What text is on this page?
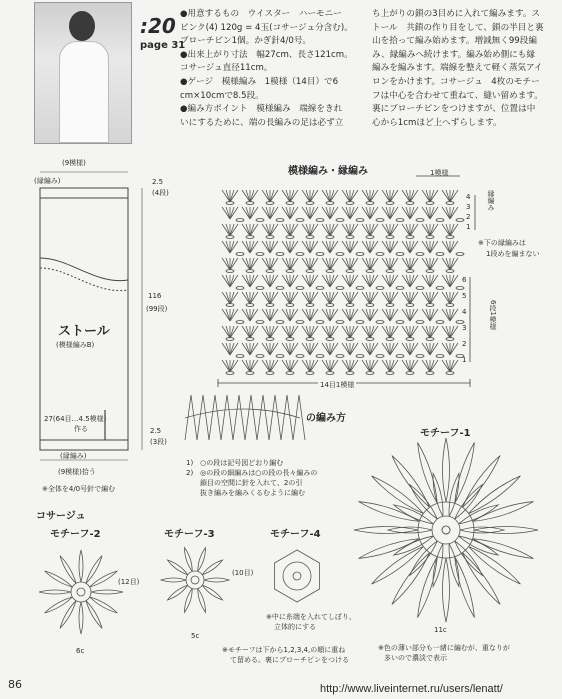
:20
page 31
●用意するもの　ウイスター　ハーモニー
ピンク(4) 120g = 4玉(コサージュ分含む)。
ブローチピン1個。かぎ針4/0号。
●出来上がり寸法　幅27cm、長さ121cm。
コサージュ直径11cm。
●ゲージ　模様編み　1模様（14目）で6
cm×10cmで8.5段。
●編み方ポイント　模様編み　端線をきれ
いにするために、端の長編みの足は必ず立
ち上がりの鎖の3目めに入れて編みます。ス
トール　共鎖の作り目をして、鎖の半目と裏
山を拾って編み始めます。増減無く99段編
み、縁編みへ続けます。編み始め側にも縁
編みを編みます。端線を整えて軽く蒸気アイ
ロンをかけます。コサージュ　4枚のモチー
フは中心を合わせて重ねて、縫い留めます。
裏にブローチピンをつけますが、位置は中
心から1cmほど上へずらします。
(9模様)
(縁編み)	2.5
(4段)
116
(99段)
ストール
(模様編みB)
27(64目…4.5模様)
作る	2.5
(3段)
(縁編み)
(9模様)拾う
※全体を4/0号針で編む
模様編み・縁編み	1模様
縁編み
4
3
2
1
※下の縁編みは
1段めを編まない
6
5
4
3
2
1
6段1模様
14目1模様
の編み方
1)　○の段は記号図どおり編む
2)　◎の段の細編みは○の段の長々編みの
　　鎖目の空間に針を入れて、2の引
　　抜き編みを編みくるむように編む
コサージュ
モチーフ-2
(12目)
6c
モチーフ-3
(10目)
5c
モチーフ-4
※中に糸端を入れてしぼり、
立体的にする
モチーフ-1
11c
※モチーフは下から1,2,3,4,の順に重ね
て留める。裏にブローチピンをつける
※色の薄い部分も一緒に編むが、重なりが
多いので濃淡で表示
86	http://www.liveinternet.ru/users/lenatt/
